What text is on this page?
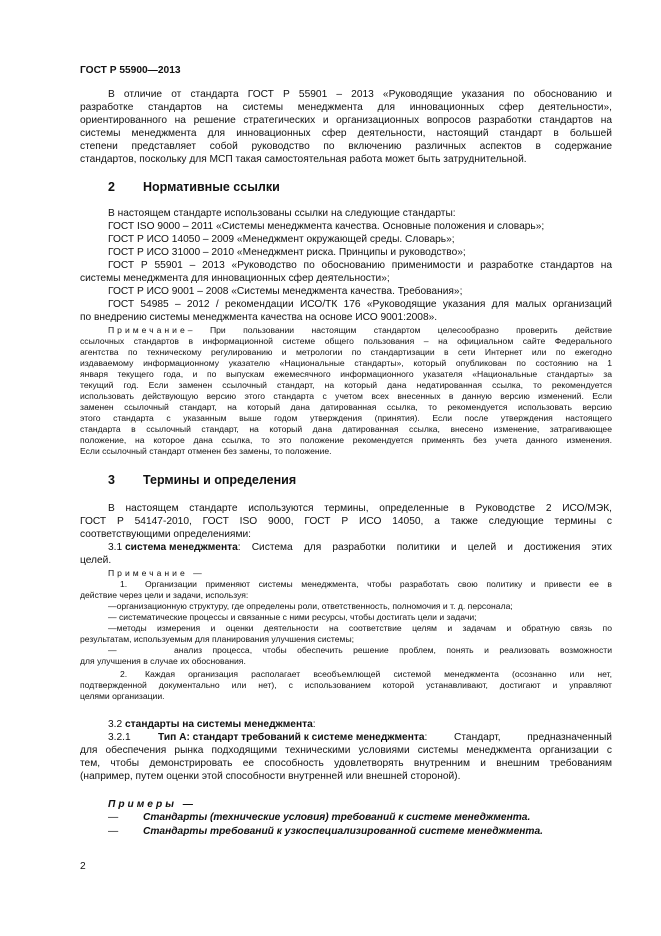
ГОСТ Р 55900—2013
В отличие от стандарта ГОСТ Р 55901 – 2013 «Руководящие указания по обоснованию и
разработке стандартов на системы менеджмента для инновационных сфер деятельности»,
ориентированного на решение стратегических и организационных вопросов разработки стандартов на
системы менеджмента для инновационных сфер деятельности, настоящий стандарт в большей
степени представляет собой руководство по включению различных аспектов в содержание
стандартов, поскольку для МСП такая самостоятельная работа может быть затруднительной.
2 Нормативные ссылки
В настоящем стандарте использованы ссылки на следующие стандарты:
ГОСТ ISO 9000 – 2011 «Системы менеджмента качества. Основные положения и словарь»;
ГОСТ Р ИСО 14050 – 2009 «Менеджмент окружающей среды. Словарь»;
ГОСТ Р ИСО 31000 – 2010 «Менеджмент риска. Принципы и руководство»;
ГОСТ Р 55901 – 2013 «Руководство по обоснованию применимости и разработке стандартов на
системы менеджмента для инновационных сфер деятельности»;
ГОСТ Р ИСО 9001 – 2008 «Системы менеджмента качества. Требования»;
ГОСТ 54985 – 2012 / рекомендации ИСО/ТК 176 «Руководящие указания для малых организаций
по внедрению системы менеджмента качества на основе ИСО 9001:2008».
Примечание – При пользовании настоящим стандартом целесообразно проверить действие
ссылочных стандартов в информационной системе общего пользования – на официальном сайте Федерального
агентства по техническому регулированию и метрологии по стандартизации в сети Интернет или по ежегодно
издаваемому информационному указателю «Национальные стандарты», который опубликован по состоянию на 1
января текущего года, и по выпускам ежемесячного информационного указателя «Национальные стандарты» за
текущий год. Если заменен ссылочный стандарт, на который дана недатированная ссылка, то рекомендуется
использовать действующую версию этого стандарта с учетом всех внесенных в данную версию изменений. Если
заменен ссылочный стандарт, на который дана датированная ссылка, то рекомендуется использовать версию
этого стандарта с указанным выше годом утверждения (принятия). Если после утверждения настоящего
стандарта в ссылочный стандарт, на который дана датированная ссылка, внесено изменение, затрагивающее
положение, на которое дана ссылка, то это положение рекомендуется применять без учета данного изменения.
Если ссылочный стандарт отменен без замены, то положение.
3 Термины и определения
В настоящем стандарте используются термины, определенные в Руководстве 2 ИСО/МЭК,
ГОСТ Р 54147-2010, ГОСТ ISO 9000, ГОСТ Р ИСО 14050, а также следующие термины с
соответствующими определениями:
3.1
система менеджмента : Система для разработки политики и целей и достижения этих
целей.
Примечание —
1. Организации применяют системы менеджмента, чтобы разработать свою политику и привести ее в
действие через цели и задачи, используя:
—организационную структуру, где определены роли, ответственность, полномочия и т. д. персонала;
— систематические процессы и связанные с ними ресурсы, чтобы достигать цели и задачи;
—методы измерения и оценки деятельности на соответствие целям и задачам и обратную связь по
результатам, используемым для планирования улучшения системы;
—	анализ процесса, чтобы обеспечить решение проблем, понять и реализовать возможности
для улучшения в случае их обоснования.
2. Каждая организация располагает всеобъемлющей системой менеджмента (осознанно или нет,
подтвержденной документально или нет), с использованием которой устанавливают, достигают и управляют
целями организации.
3.2 стандарты на системы менеджмента:
3.2.1	Тип А: стандарт требований к системе менеджмента : Стандарт, предназначенный
для обеспечения рынка подходящими техническими условиями системы менеджмента организации с
тем, чтобы демонстрировать ее способность удовлетворять внутренним и внешним требованиям
(например, путем оценки этой способности внутренней или внешней стороной).
Примеры —
— Стандарты (технические условия) требований к системе менеджмента.
— Стандарты требований к узкоспециализированной системе менеджмента.
2
